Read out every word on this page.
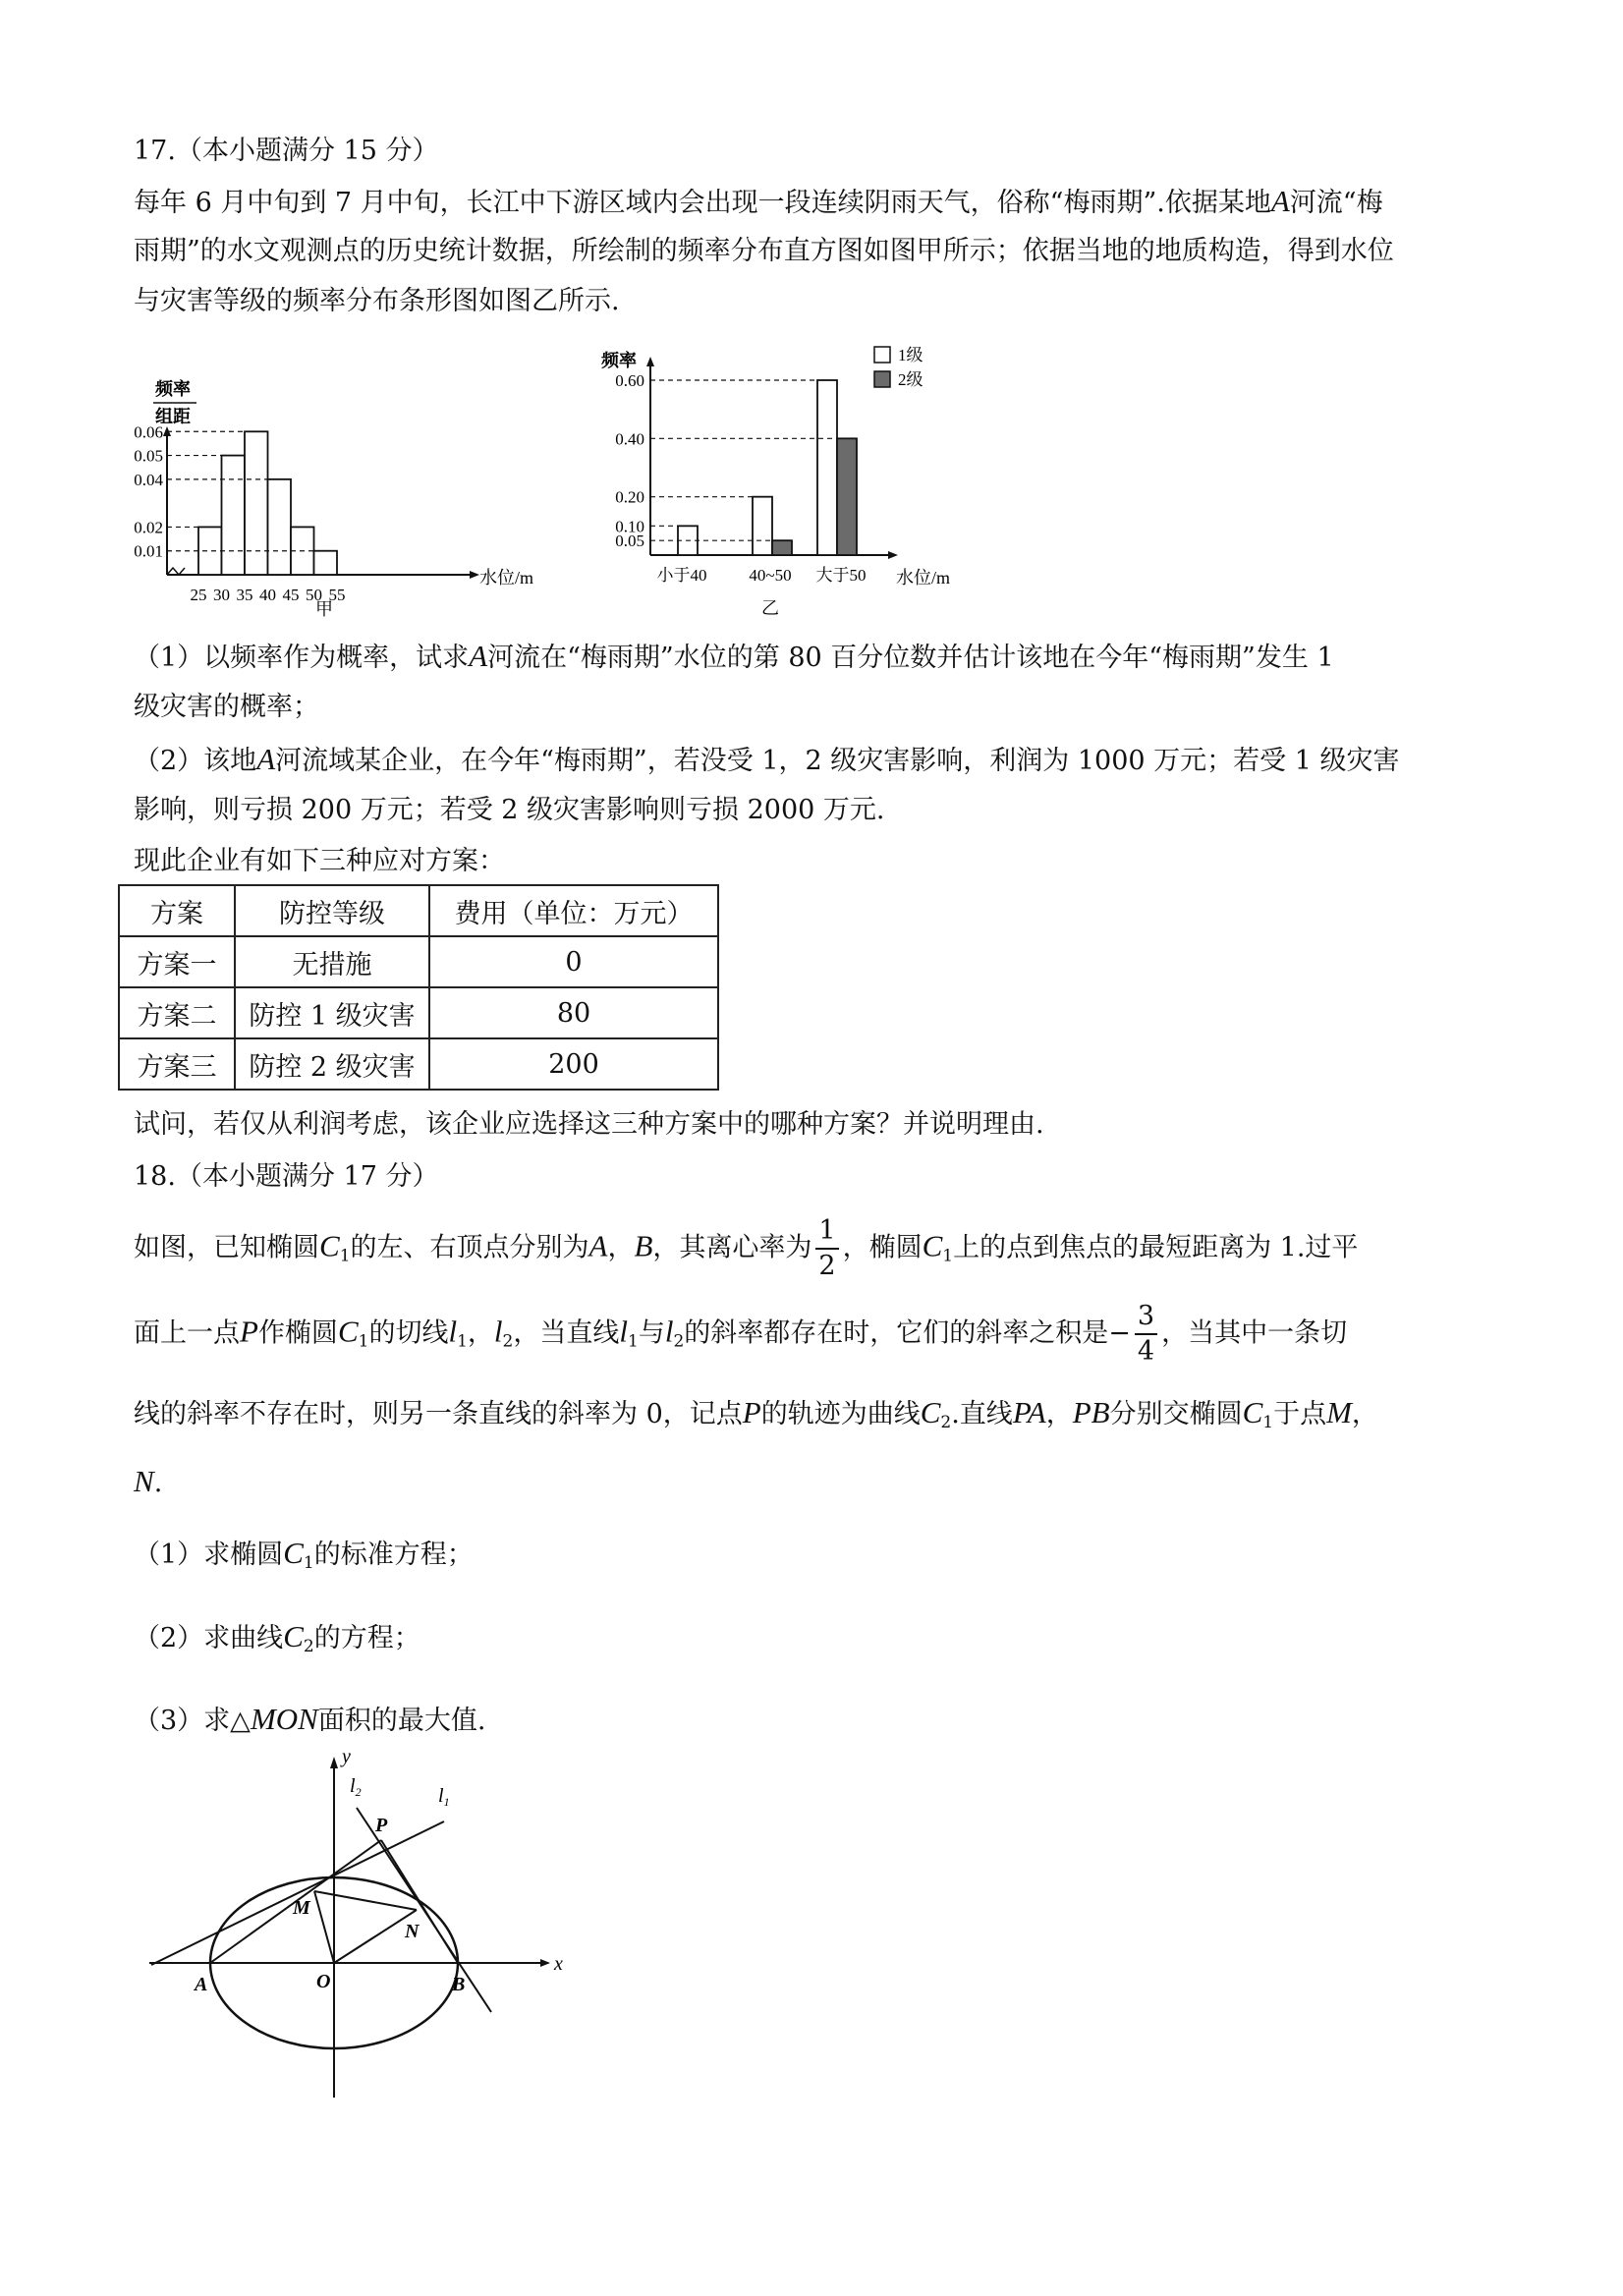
17.（本小题满分 15 分）
每年 6 月中旬到 7 月中旬，长江中下游区域内会出现一段连续阴雨天气，俗称“梅雨期”.依据某地A河流“梅
雨期”的水文观测点的历史统计数据，所绘制的频率分布直方图如图甲所示；依据当地的地质构造，得到水位
与灾害等级的频率分布条形图如图乙所示.
频率
组距
0.01
0.02
0.04
0.05
0.06
25 30 35 40 45 50 55
水位/m
甲
频率
小于40	40~50 大于50
0.05
0.10
0.20
0.40
0.60
1级
2级
水位/m
乙
（1）以频率作为概率，试求A河流在“梅雨期”水位的第 80 百分位数并估计该地在今年“梅雨期”发生 1
级灾害的概率；
（2）该地A河流域某企业，在今年“梅雨期”，若没受 1，2 级灾害影响，利润为 1000 万元；若受 1 级灾害
影响，则亏损 200 万元；若受 2 级灾害影响则亏损 2000 万元.
现此企业有如下三种应对方案：
方案	防控等级	费用（单位：万元）
方案一	无措施	0
方案二	防控 1 级灾害	80
方案三	防控 2 级灾害	200
试问，若仅从利润考虑，该企业应选择这三种方案中的哪种方案？并说明理由.
18.（本小题满分 17 分）
如图，已知椭圆$C_1$的左、右顶点分别为A，B，其离心率为 $\frac{1}{2}$ ，椭圆$C_1$上的点到焦点的最短距离为 1.过平
面上一点P作椭圆$C_1$的切线$l_1$，$l_2$，当直线$l_1$与$l_2$的斜率都存在时，它们的斜率之积是− $\frac{3}{4}$ ，当其中一条切
线的斜率不存在时，则另一条直线的斜率为 0，记点P的轨迹为曲线$C_2$.直线PA，PB分别交椭圆$C_1$于点M，
N.
（1）求椭圆$C_1$的标准方程；
（2）求曲线$C_2$的方程；
（3）求△MON面积的最大值.
x
y
A	B
O
P
M
N
$l_1$
$l_2$
